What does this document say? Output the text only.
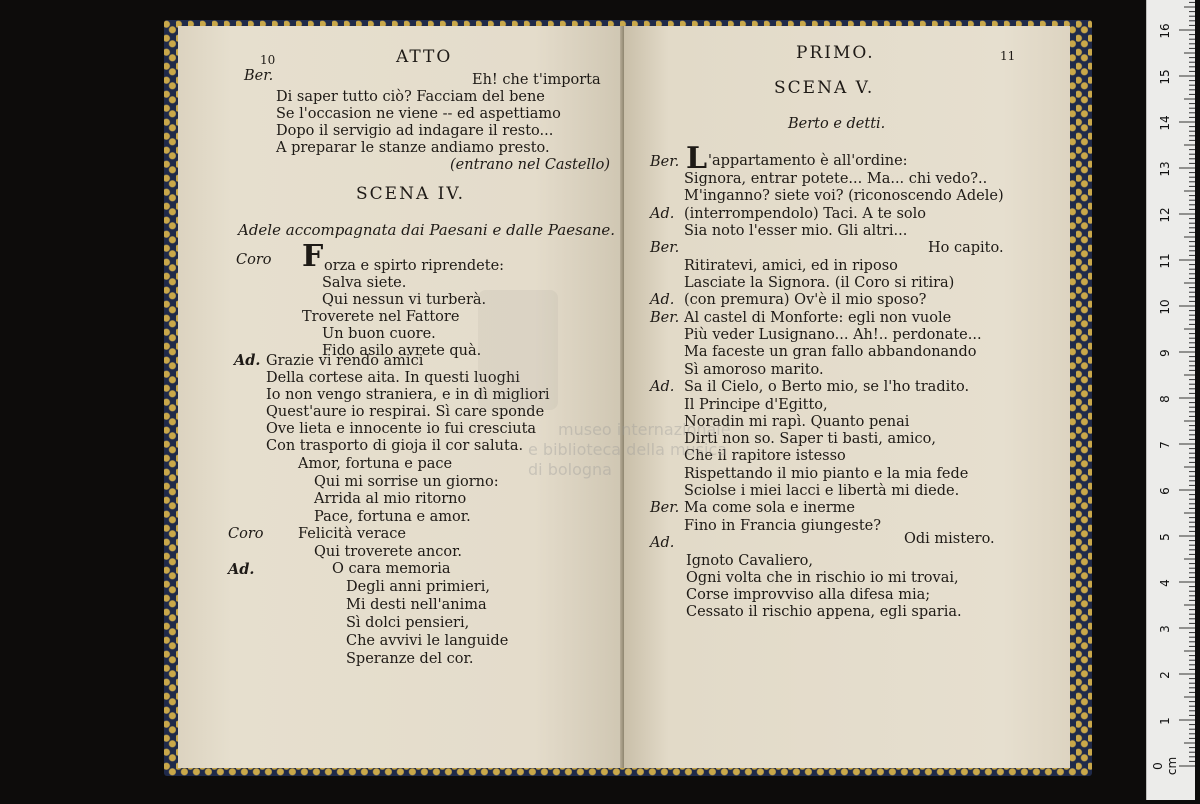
10	ATTO
Ber.	Eh! che t'importa
Di saper tutto ciò? Facciam del bene
Se l'occasion ne viene -- ed aspettiamo
Dopo il servigio ad indagare il resto...
A preparar le stanze andiamo presto.
(entrano nel Castello)
SCENA IV.
Adele accompagnata dai Paesani e dalle Paesane.
Coro F orza e spirto riprendete:
Salva siete.
Qui nessun vi turberà.
Troverete nel Fattore
Un buon cuore.
Fido asilo avrete quà.
Ad. Grazie vi rendo amici
Della cortese aita. In questi luoghi
Io non vengo straniera, e in dì migliori
Quest'aure io respirai. Sì care sponde
Ove lieta e innocente io fui cresciuta
Con trasporto di gioja il cor saluta.
Amor, fortuna e pace
Qui mi sorrise un giorno:
Arrida al mio ritorno
Pace, fortuna e amor.
Coro Felicità verace
Qui troverete ancor.
Ad.	O cara memoria
Degli anni primieri,
Mi desti nell'anima
Sì dolci pensieri,
Che avvivi le languide
Speranze del cor.
PRIMO.	11
SCENA V.
Berto e detti.
Ber. L 'appartamento è all'ordine:
Signora, entrar potete... Ma... chi vedo?..
M'inganno? siete voi? (riconoscendo Adele)
Ad. (interrompendolo) Taci. A te solo
Sia noto l'esser mio. Gli altri...
Ber.	Ho capito.
Ritiratevi, amici, ed in riposo
Lasciate la Signora. (il Coro si ritira)
Ad. (con premura) Ov'è il mio sposo?
Ber. Al castel di Monforte: egli non vuole
Più veder Lusignano... Ah!.. perdonate...
Ma faceste un gran fallo abbandonando
Sì amoroso marito.
Ad. Sa il Cielo, o Berto mio, se l'ho tradito.
Il Principe d'Egitto,
Noradin mi rapì. Quanto penai
Dirti non so. Saper ti basti, amico,
Che il rapitore istesso
Rispettando il mio pianto e la mia fede
Sciolse i miei lacci e libertà mi diede.
Ber. Ma come sola e inerme
Fino in Francia giungeste?
Ad.	Odi mistero.
Ignoto Cavaliero,
Ogni volta che in rischio io mi trovai,
Corse improvviso alla difesa mia;
Cessato il rischio appena, egli sparia.
museo internazionale
e biblioteca della musica
di bologna
0 cm
1
2
3
4
5
6
7
8
9
10
11
12
13
14
15
16
